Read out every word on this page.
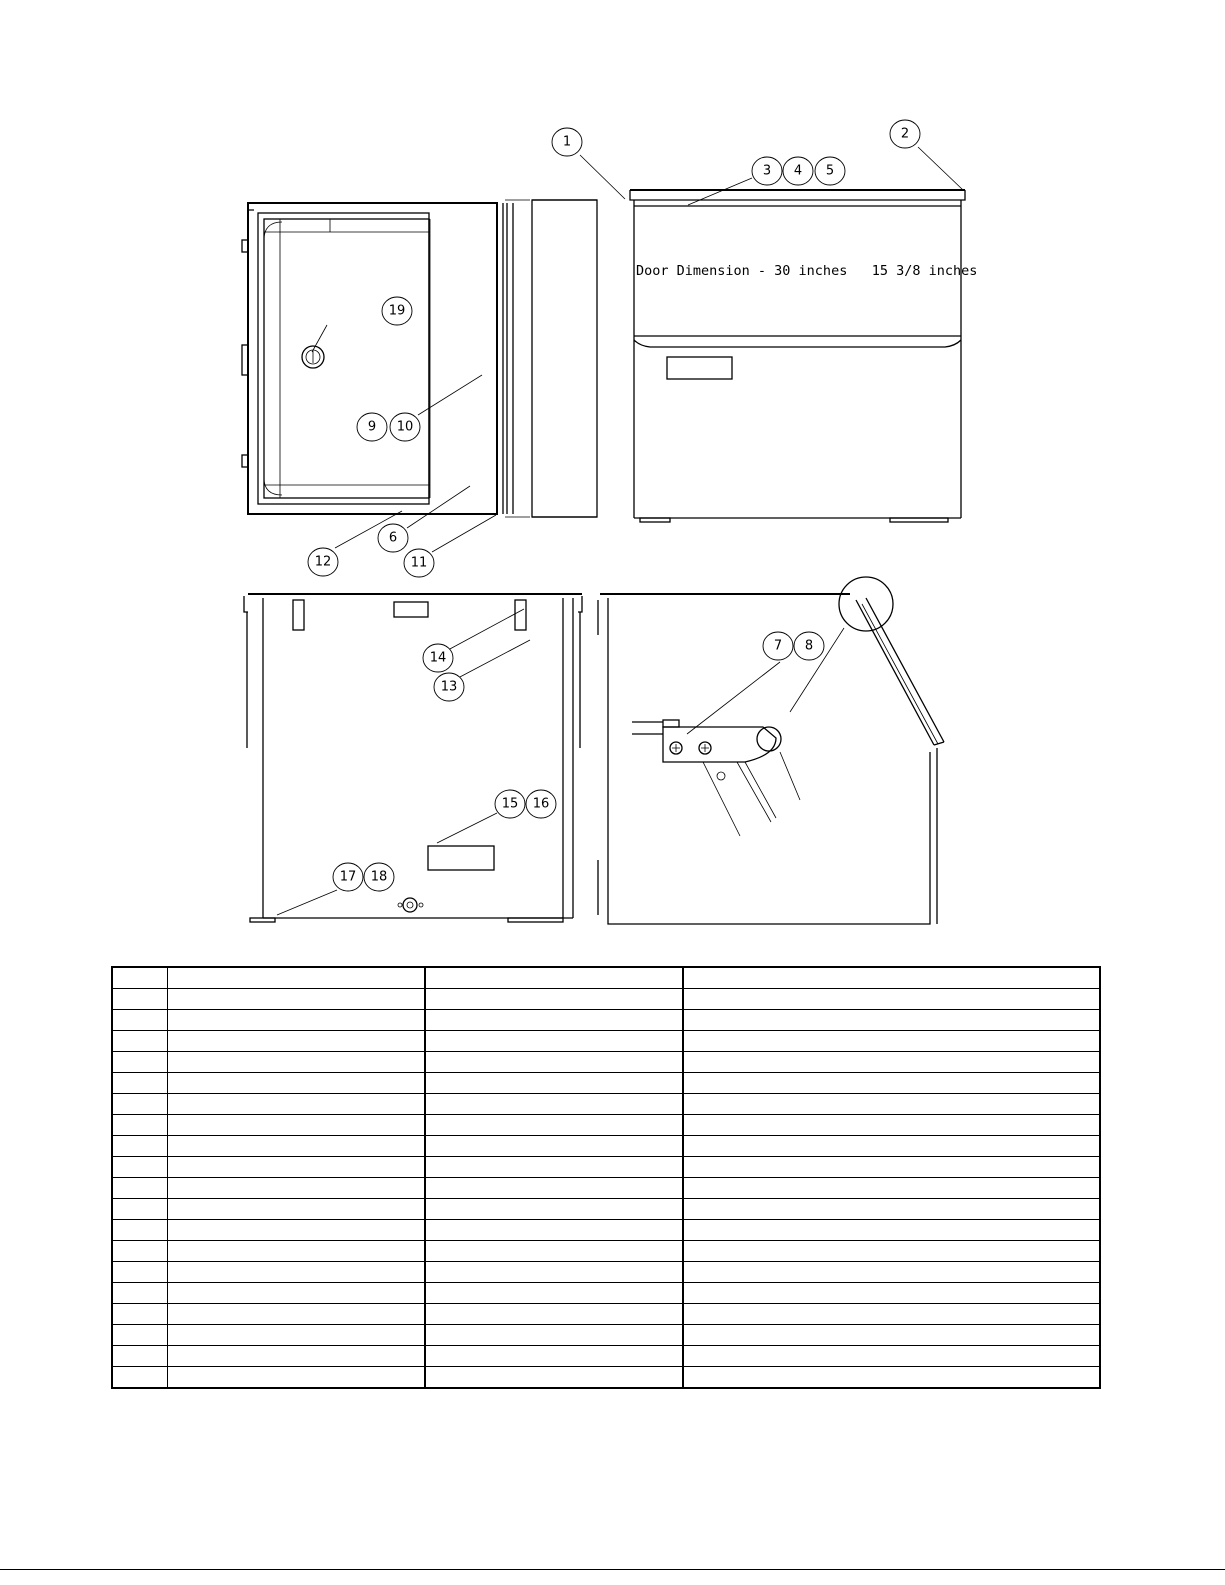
Door Dimension - 30 inches   15 3/8 inches
1
2
3 4 5
6
7 8
9 10
11
12
13
14
15 16
17 18
19
